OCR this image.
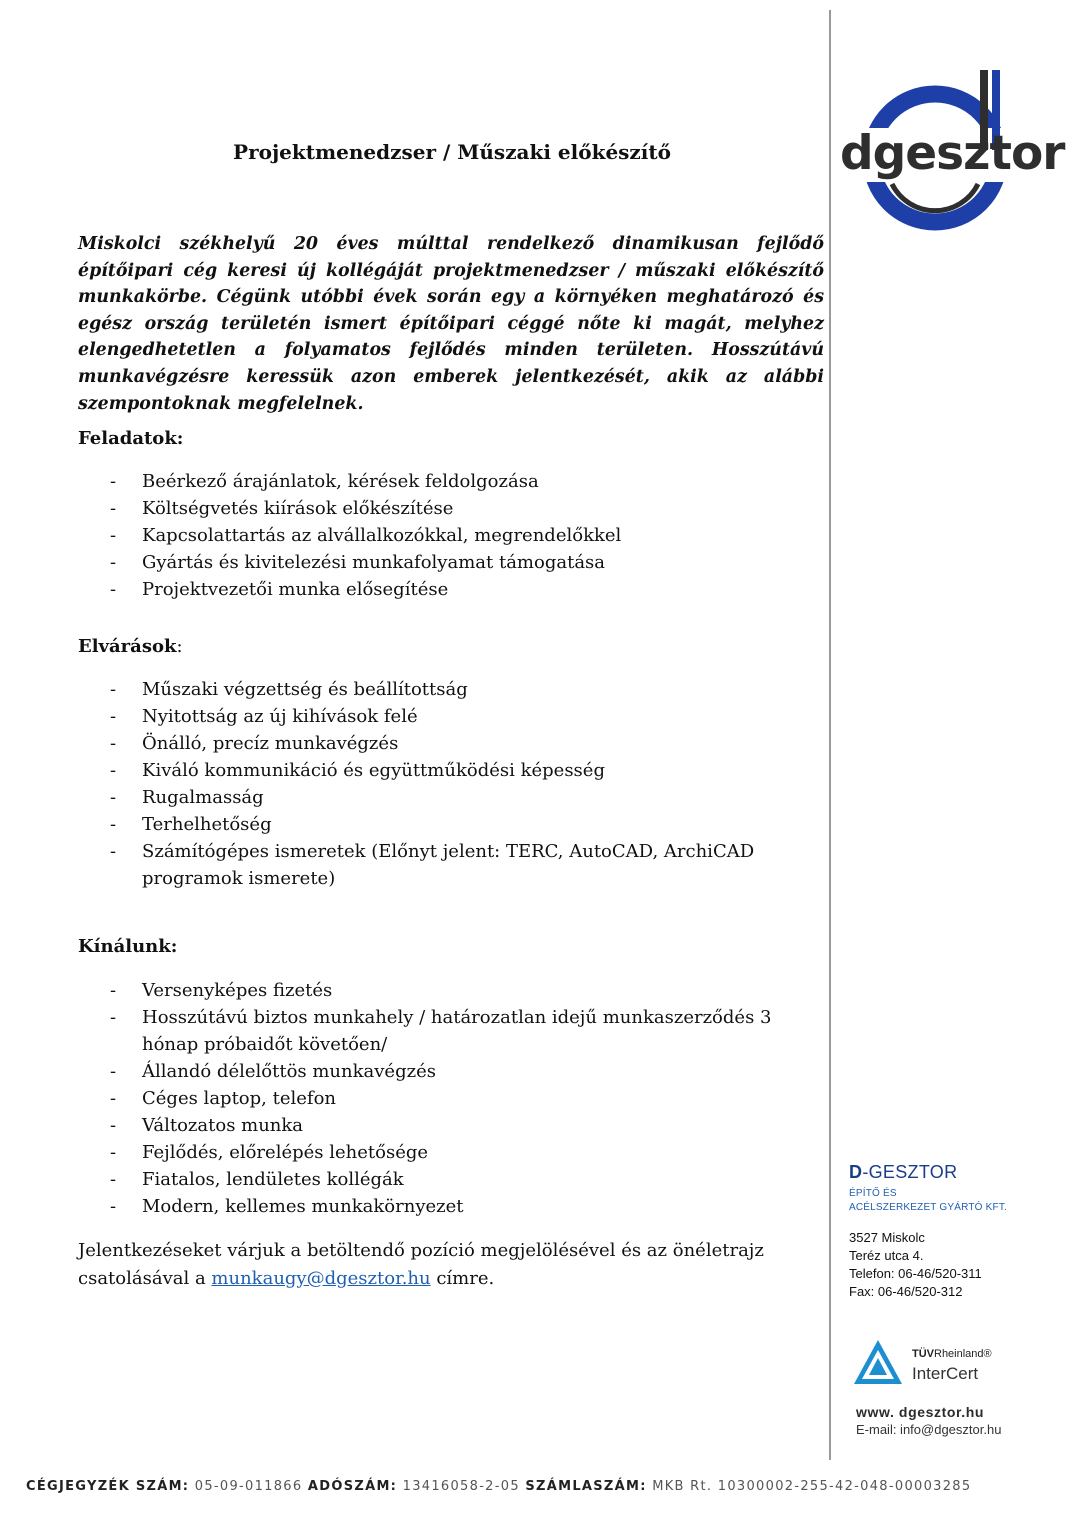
dgesztor
D-GESZTOR
ÉPÍTŐ ÉS
ACÉLSZERKEZET GYÁRTÓ KFT.
3527 Miskolc
Teréz utca 4.
Telefon: 06-46/520-311
Fax: 06-46/520-312
TÜVRheinland®
InterCert
www. dgesztor.hu
E-mail: info@dgesztor.hu
Projektmenedzser / Műszaki előkészítő
Miskolci székhelyű 20 éves múlttal rendelkező dinamikusan fejlődő építőipari cég keresi új kollégáját projektmenedzser / műszaki előkészítő munkakörbe. Cégünk utóbbi évek során egy a környéken meghatározó és egész ország területén ismert építőipari céggé nőte ki magát, melyhez elengedhetetlen a folyamatos fejlődés minden területen. Hosszútávú munkavégzésre keressük azon emberek jelentkezését, akik az alábbi szempontoknak megfelelnek.
Feladatok:
- Beérkező árajánlatok, kérések feldolgozása
- Költségvetés kiírások előkészítése
- Kapcsolattartás az alvállalkozókkal, megrendelőkkel
- Gyártás és kivitelezési munkafolyamat támogatása
- Projektvezetői munka elősegítése
Elvárások:
- Műszaki végzettség és beállítottság
- Nyitottság az új kihívások felé
- Önálló, precíz munkavégzés
- Kiváló kommunikáció és együttműködési képesség
- Rugalmasság
- Terhelhetőség
- Számítógépes ismeretek (Előnyt jelent: TERC, AutoCAD, ArchiCAD programok ismerete)
Kínálunk:
- Versenyképes fizetés
- Hosszútávú biztos munkahely / határozatlan idejű munkaszerződés 3 hónap próbaidőt követően/
- Állandó délelőttös munkavégzés
- Céges laptop, telefon
- Változatos munka
- Fejlődés, előrelépés lehetősége
- Fiatalos, lendületes kollégák
- Modern, kellemes munkakörnyezet
Jelentkezéseket várjuk a betöltendő pozíció megjelölésével és az önéletrajz csatolásával a munkaugy@dgesztor.hu címre.
CÉGJEGYZÉK SZÁM: 05-09-011866 ADÓSZÁM: 13416058-2-05 SZÁMLASZÁM: MKB Rt. 10300002-255-42-048-00003285
